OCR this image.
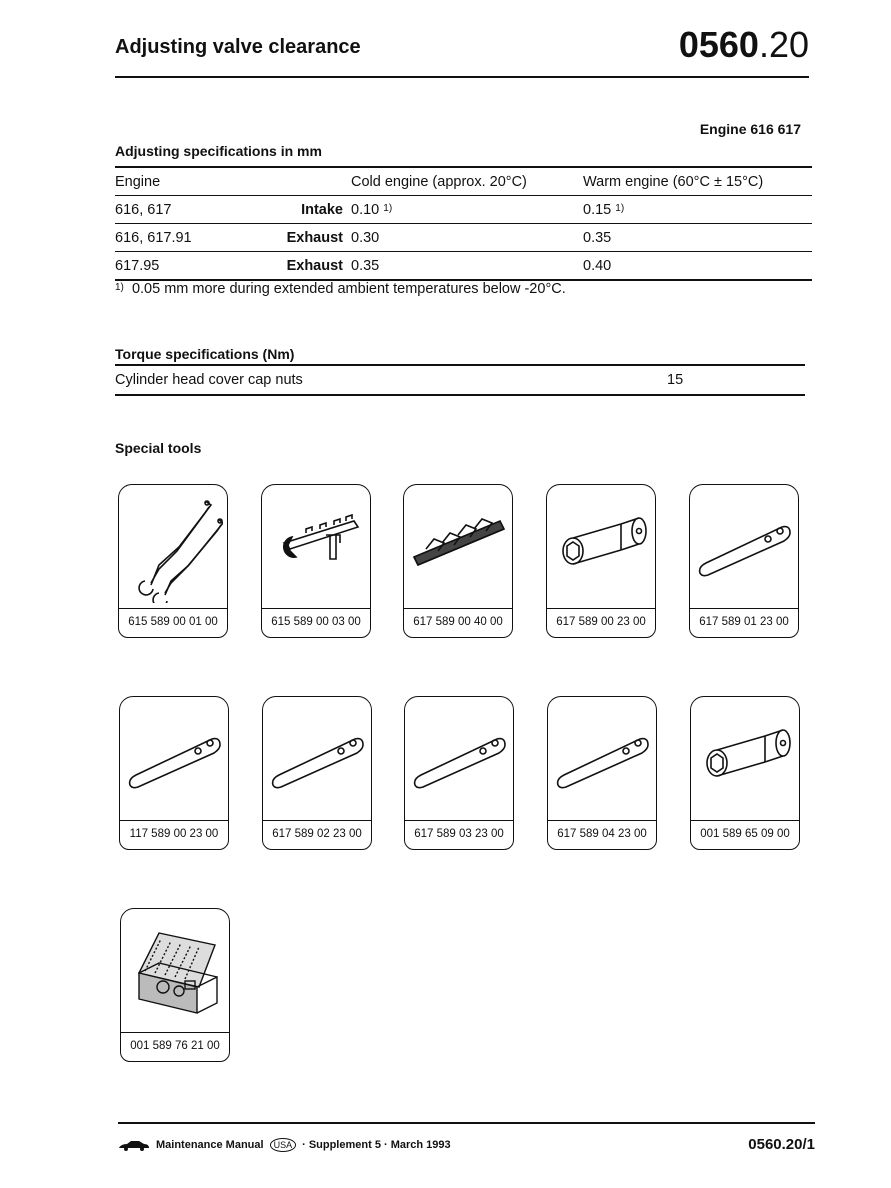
Adjusting valve clearance	0560.20
Engine 616 617
Adjusting specifications in mm
Engine		Cold engine (approx. 20°C)	Warm engine (60°C ± 15°C)
616, 617	Intake	0.10 $^{1)}$	0.15 $^{1)}$
616, 617.91	Exhaust	0.30	0.35
617.95	Exhaust	0.35	0.40
$^{1)}$ 0.05 mm more during extended ambient temperatures below -20°C.
Torque specifications (Nm)
Cylinder head cover cap nuts	15
Special tools
615 589 00 01 00	615 589 00 03 00	617 589 00 40 00	617 589 00 23 00	617 589 01 23 00
117 589 00 23 00	617 589 02 23 00	617 589 03 23 00	617 589 04 23 00	001 589 65 09 00
001 589 76 21 00
Maintenance Manual	USA · Supplement 5 · March 1993	0560.20/1
